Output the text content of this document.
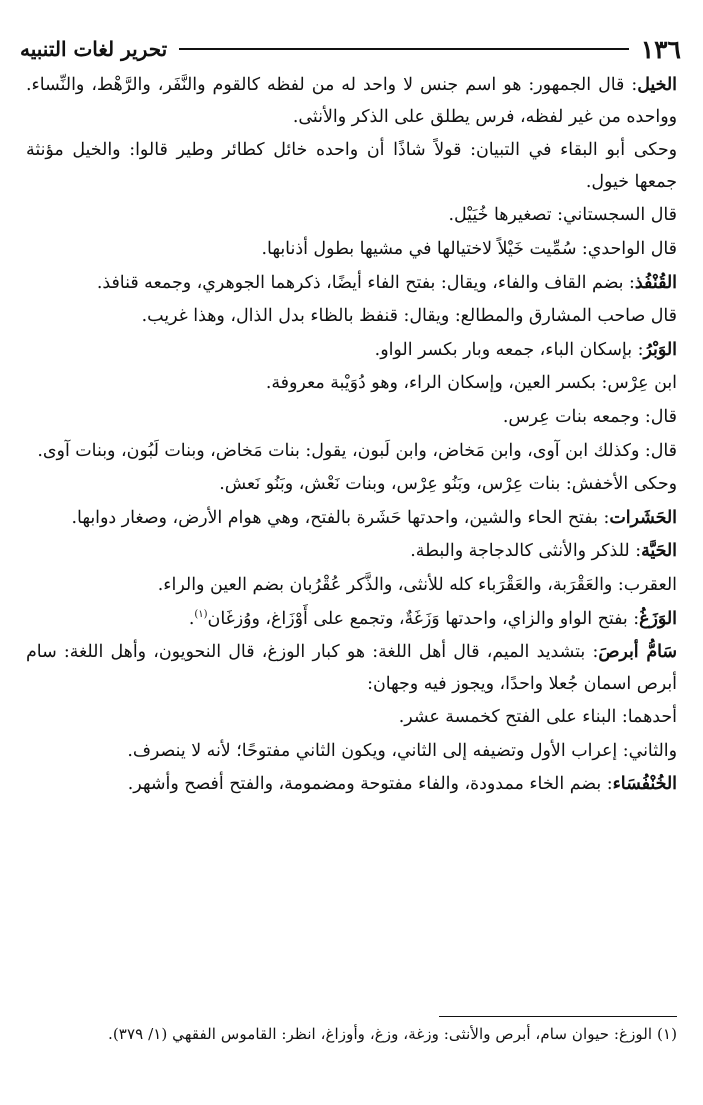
١٣٦
تحرير لغات التنبيه

الخيل: قال الجمهور: هو اسم جنس لا واحد له من لفظه كالقوم والنَّفَر، والرَّهْط، والنِّساء. وواحده من غير لفظه، فرس يطلق على الذكر والأنثى.

وحكى أبو البقاء في التبيان: قولاً شاذًا أن واحده خائل كطائر وطير قالوا: والخيل مؤنثة جمعها خيول.

قال السجستاني: تصغيرها خُيَيْل.

قال الواحدي: سُمِّيت خَيْلاً لاختيالها في مشيها بطول أذنابها.

القُنْفُذ: بضم القاف والفاء، ويقال: بفتح الفاء أيضًا، ذكرهما الجوهري، وجمعه قنافذ.

قال صاحب المشارق والمطالع: ويقال: قنفظ بالظاء بدل الذال، وهذا غريب.

الوَبْرُ: بإسكان الباء، جمعه وبار بكسر الواو.

ابن عِرْس: بكسر العين، وإسكان الراء، وهو دُوَيْبة معروفة.

قال: وجمعه بنات عِرس.

قال: وكذلك ابن آوى، وابن مَخاض، وابن لَبون، يقول: بنات مَخاض، وبنات لَبُون، وبنات آوى.

وحكى الأخفش: بنات عِرْس، وبَنُو عِرْس، وبنات نَعْش، وبَنُو نَعش.

الحَشَرات: بفتح الحاء والشين، واحدتها حَشَرة بالفتح، وهي هوام الأرض، وصغار دوابها.

الحَيَّة: للذكر والأنثى كالدجاجة والبطة.

العقرب: والعَقْرَبة، والعَقْرَباء كله للأنثى، والذَّكر عُقْرُبان بضم العين والراء.

الوَزَغُ: بفتح الواو والزاي، واحدتها وَزَغَةٌ، وتجمع على أَوْزَاغ، ووُزغَان$^{(١)}$.

سَامُّ أبرصَ: بتشديد الميم، قال أهل اللغة: هو كبار الوزغ، قال النحويون، وأهل اللغة: سام أبرص اسمان جُعلا واحدًا، ويجوز فيه وجهان:

أحدهما: البناء على الفتح كخمسة عشر.

والثاني: إعراب الأول وتضيفه إلى الثاني، ويكون الثاني مفتوحًا؛ لأنه لا ينصرف.

الخُنْفُسَاء: بضم الخاء ممدودة، والفاء مفتوحة ومضمومة، والفتح أفصح وأشهر.

(١) الوزغ: حيوان سام، أبرص والأنثى: وزغة، وزغ، وأوزاغ، انظر: القاموس الفقهي (١/ ٣٧٩).
